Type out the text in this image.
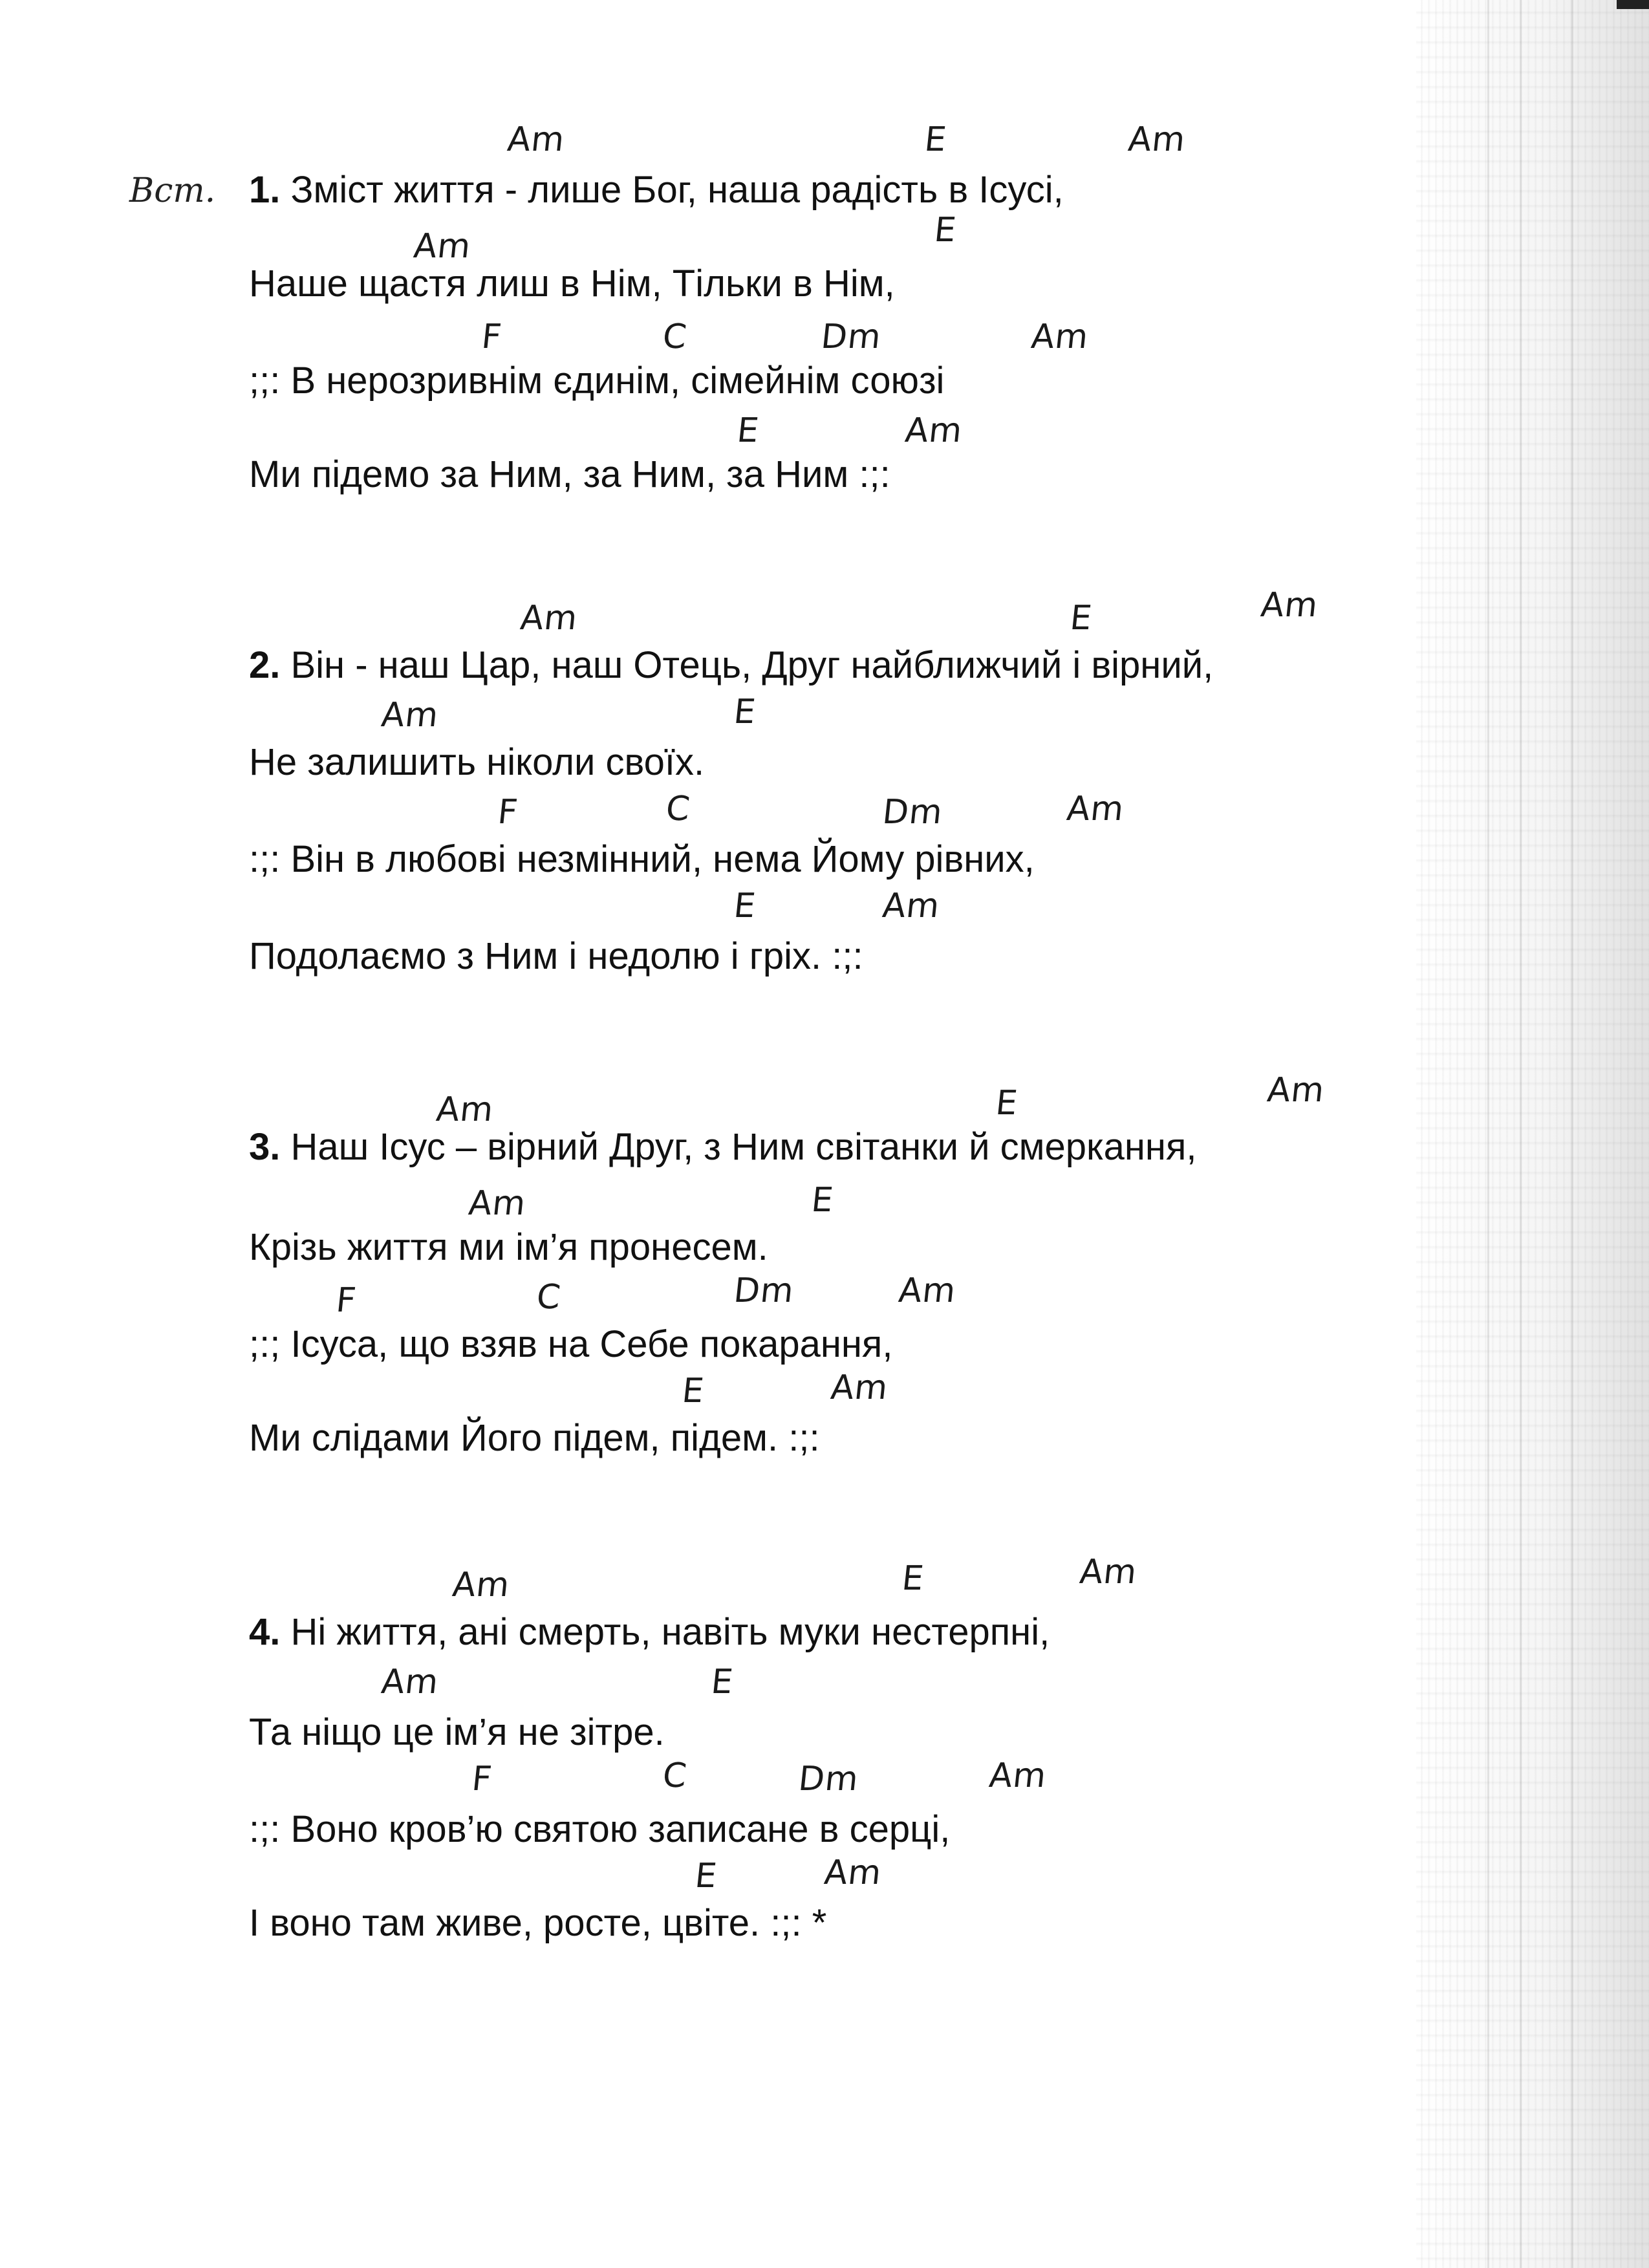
Вст.
Am	E	Am
1. Зміст життя - лише Бог, наша радість в Ісусі,
Am	E
Наше щастя лиш в Нім, Тільки в Нім,
F	C	Dm	Am
;;: В нерозривнім єдинім, сімейнім союзі
E	Am
Ми підемо за Ним, за Ним, за Ним :;:
Am	E	Am
2. Він - наш Цар, наш Отець, Друг найближчий і вірний,
Am	E
Не залишить ніколи своїх.
F	C	Dm	Am
:;: Він в любові незмінний, нема Йому рівних,
E	Am
Подолаємо з Ним і недолю і гріх. :;:
Am	E	Am
3. Наш Ісус – вірний Друг, з Ним світанки й смеркання,
Am	E
Крізь життя ми ім’я пронесем.
F	C	Dm	Am
;:; Ісуса, що взяв на Себе покарання,
E	Am
Ми слідами Його підем, підем. :;:
Am	E	Am
4. Ні життя, ані смерть, навіть муки нестерпні,
Am	E
Та ніщо це ім’я не зітре.
F	C	Dm	Am
:;: Воно кров’ю святою записане в серці,
E	Am
І воно там живе, росте, цвіте. :;: *
